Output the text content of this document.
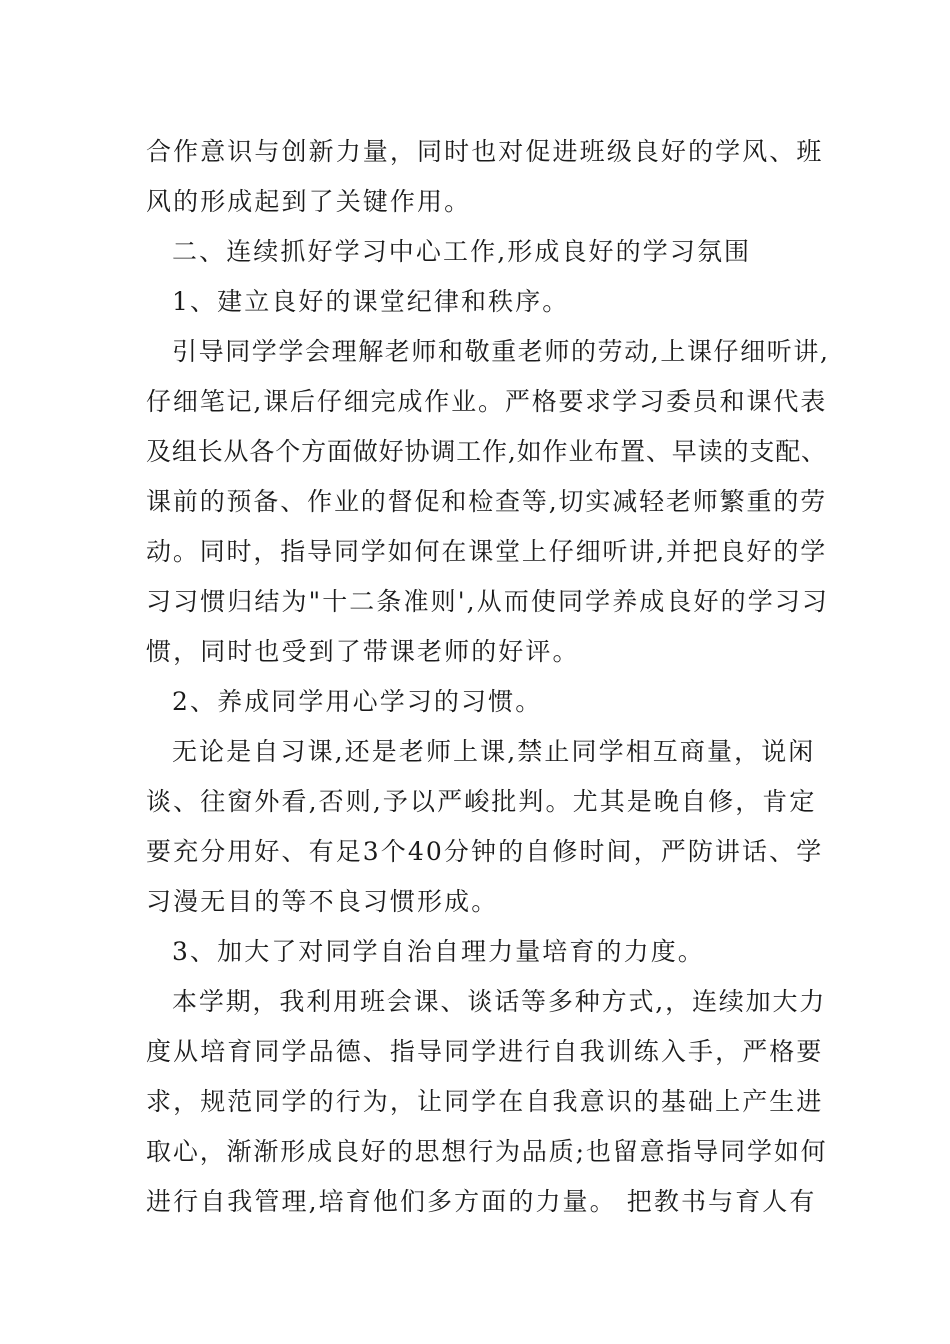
合作意识与创新力量，同时也对促进班级良好的学风、班
风的形成起到了关键作用。
二、连续抓好学习中心工作,形成良好的学习氛围
1、建立良好的课堂纪律和秩序。
引导同学学会理解老师和敬重老师的劳动,上课仔细听讲,
仔细笔记,课后仔细完成作业。严格要求学习委员和课代表
及组长从各个方面做好协调工作,如作业布置、早读的支配、
课前的预备、作业的督促和检查等,切实减轻老师繁重的劳
动。同时，指导同学如何在课堂上仔细听讲,并把良好的学
习习惯归结为"十二条准则',从而使同学养成良好的学习习
惯，同时也受到了带课老师的好评。
2、养成同学用心学习的习惯。
无论是自习课,还是老师上课,禁止同学相互商量，说闲
谈、往窗外看,否则,予以严峻批判。尤其是晚自修，肯定
要充分用好、有足3个40分钟的自修时间，严防讲话、学
习漫无目的等不良习惯形成。
3、加大了对同学自治自理力量培育的力度。
本学期，我利用班会课、谈话等多种方式,，连续加大力
度从培育同学品德、指导同学进行自我训练入手，严格要
求，规范同学的行为，让同学在自我意识的基础上产生进
取心，渐渐形成良好的思想行为品质;也留意指导同学如何
进行自我管理,培育他们多方面的力量。 把教书与育人有
